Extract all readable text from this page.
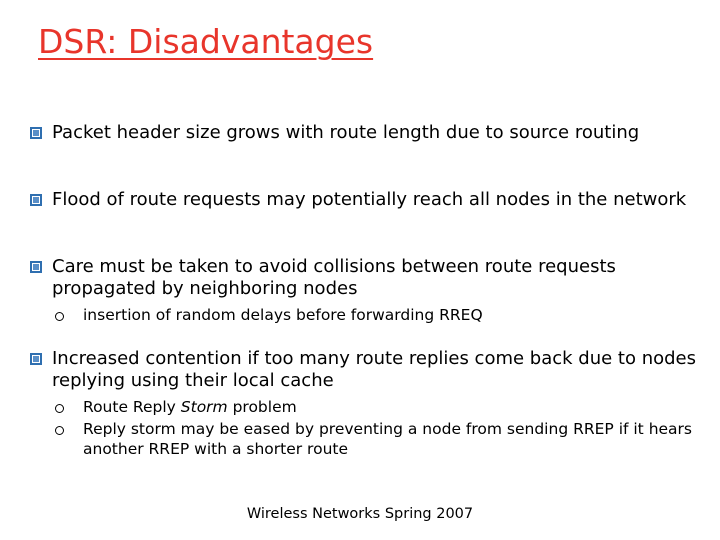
DSR: Disadvantages
Packet header size grows with route length due to source routing
Flood of route requests may potentially reach all nodes in the network
Care must be taken to avoid collisions between route requests propagated by neighboring nodes
insertion of random delays before forwarding RREQ
Increased contention if too many route replies come back due to nodes replying using their local cache
Route Reply Storm problem
Reply storm may be eased by preventing a node from sending RREP if it hears another RREP with a shorter route
Wireless Networks Spring 2007
